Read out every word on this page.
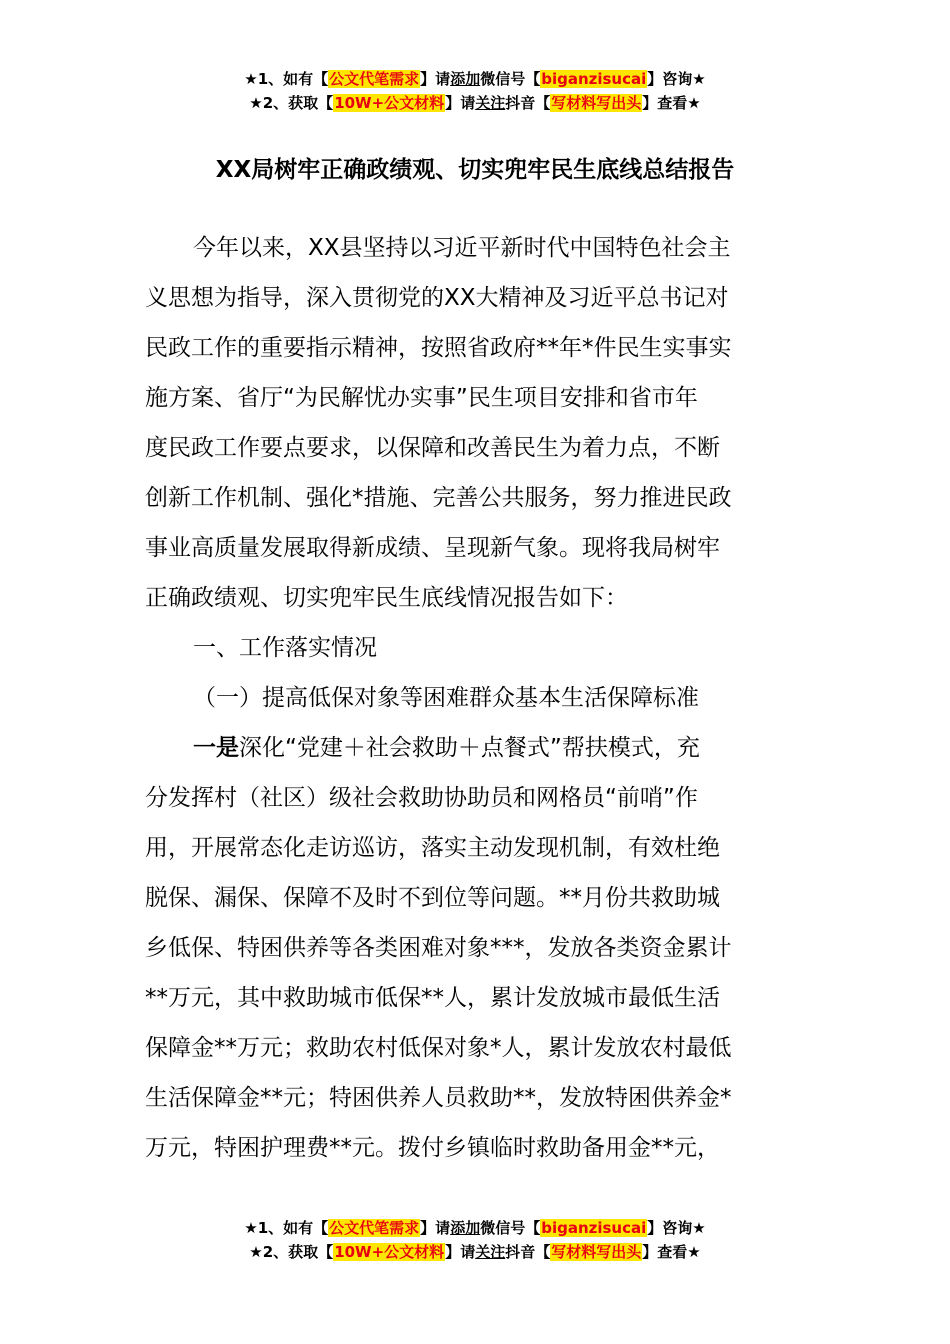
★1、如有【公文代笔需求】请添加微信号【biganzisucai】咨询★
★2、获取【10W+公文材料】请关注抖音【写材料写出头】查看★
XX局树牢正确政绩观、切实兜牢民生底线总结报告

今年以来，XX县坚持以习近平新时代中国特色社会主

义思想为指导，深入贯彻党的XX大精神及习近平总书记对
民政工作的重要指示精神，按照省政府**年*件民生实事实
施方案、省厅“为民解忧办实事”民生项目安排和省市年
度民政工作要点要求，以保障和改善民生为着力点，不断
创新工作机制、强化*措施、完善公共服务，努力推进民政
事业高质量发展取得新成绩、呈现新气象。现将我局树牢
正确政绩观、切实兜牢民生底线情况报告如下：

一、工作落实情况

（一）提高低保对象等困难群众基本生活保障标准

一是深化“党建＋社会救助＋点餐式”帮扶模式，充

分发挥村（社区）级社会救助协助员和网格员“前哨”作
用，开展常态化走访巡访，落实主动发现机制，有效杜绝
脱保、漏保、保障不及时不到位等问题。**月份共救助城
乡低保、特困供养等各类困难对象***，发放各类资金累计
**万元，其中救助城市低保**人，累计发放城市最低生活
保障金**万元；救助农村低保对象*人，累计发放农村最低
生活保障金**元；特困供养人员救助**，发放特困供养金*
万元，特困护理费**元。拨付乡镇临时救助备用金**元，

★1、如有【公文代笔需求】请添加微信号【biganzisucai】咨询★
★2、获取【10W+公文材料】请关注抖音【写材料写出头】查看★
